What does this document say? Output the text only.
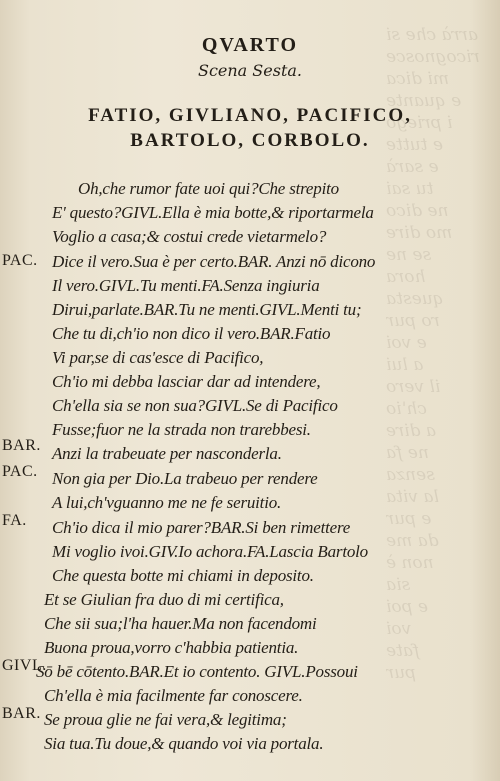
arrà che si
ricognosce
mi dica
e quante
i priego
e tutte
e sarà
tu sai
ne dico
mo dire
se ne
hora
questa
ro pur
e voi
a lui
il vero
ch'io
a dire
ne fa
senza
la vita
e pur
da me
non è
sia
e poi
voi
fate
pur
QVARTO
Scena Sesta.
FATIO, GIVLIANO, PACIFICO,
BARTOLO, CORBOLO.
PAC.
BAR.
PAC.
FA.
GIVL.
BAR.
Oh,che rumor fate uoi qui?Che strepito
E' questo?GIVL.Ella è mia botte,& riportarmela
Voglio a casa;& costui crede vietarmelo?
Dice il vero.Sua è per certo.BAR. Anzi nō dicono
Il vero.GIVL.Tu menti.FA.Senza ingiuria
Dirui,parlate.BAR.Tu ne menti.GIVL.Menti tu;
Che tu di,ch'io non dico il vero.BAR.Fatio
Vi par,se di cas'esce di Pacifico,
Ch'io mi debba lasciar dar ad intendere,
Ch'ella sia se non sua?GIVL.Se di Pacifico
Fusse;fuor ne la strada non trarebbesi.
Anzi la trabeuate per nasconderla.
Non gia per Dio.La trabeuo per rendere
A lui,ch'vguanno me ne fe seruitio.
Ch'io dica il mio parer?BAR.Si ben rimettere
Mi voglio ivoi.GIV.Io achora.FA.Lascia Bartolo
Che questa botte mi chiami in deposito.
Et se Giulian fra duo di mi certifica,
Che sii sua;l'ha hauer.Ma non facendomi
Buona proua,vorro c'habbia patientia.
Sō bē cōtento.BAR.Et io contento. GIVL.Possoui
Ch'ella è mia facilmente far conoscere.
Se proua glie ne fai vera,& legitima;
Sia tua.Tu doue,& quando voi via portala.
